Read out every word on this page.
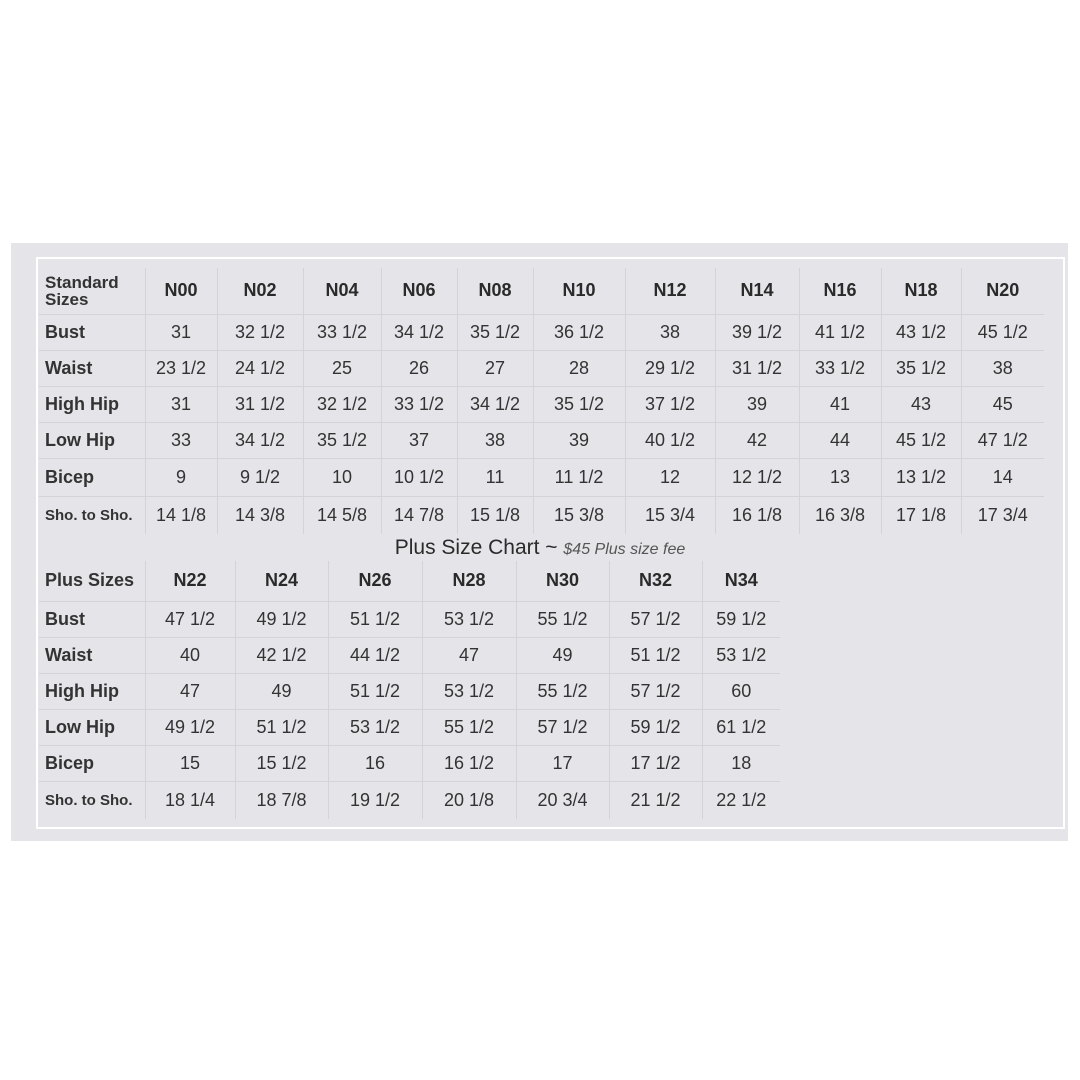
Standard
Sizes	N00	N02	N04	N06	N08	N10	N12	N14	N16	N18	N20
Bust	31	32 1/2	33 1/2	34 1/2	35 1/2	36 1/2	38	39 1/2	41 1/2	43 1/2	45 1/2
Waist	23 1/2	24 1/2	25	26	27	28	29 1/2	31 1/2	33 1/2	35 1/2	38
High Hip	31	31 1/2	32 1/2	33 1/2	34 1/2	35 1/2	37 1/2	39	41	43	45
Low Hip	33	34 1/2	35 1/2	37	38	39	40 1/2	42	44	45 1/2	47 1/2
Bicep	9	9 1/2	10	10 1/2	11	11 1/2	12	12 1/2	13	13 1/2	14
Sho. to Sho.	14 1/8	14 3/8	14 5/8	14 7/8	15 1/8	15 3/8	15 3/4	16 1/8	16 3/8	17 1/8	17 3/4
Plus Size Chart ~ $45 Plus size fee
Plus Sizes	N22	N24	N26	N28	N30	N32	N34
Bust	47 1/2	49 1/2	51 1/2	53 1/2	55 1/2	57 1/2	59 1/2
Waist	40	42 1/2	44 1/2	47	49	51 1/2	53 1/2
High Hip	47	49	51 1/2	53 1/2	55 1/2	57 1/2	60
Low Hip	49 1/2	51 1/2	53 1/2	55 1/2	57 1/2	59 1/2	61 1/2
Bicep	15	15 1/2	16	16 1/2	17	17 1/2	18
Sho. to Sho.	18 1/4	18 7/8	19 1/2	20 1/8	20 3/4	21 1/2	22 1/2
